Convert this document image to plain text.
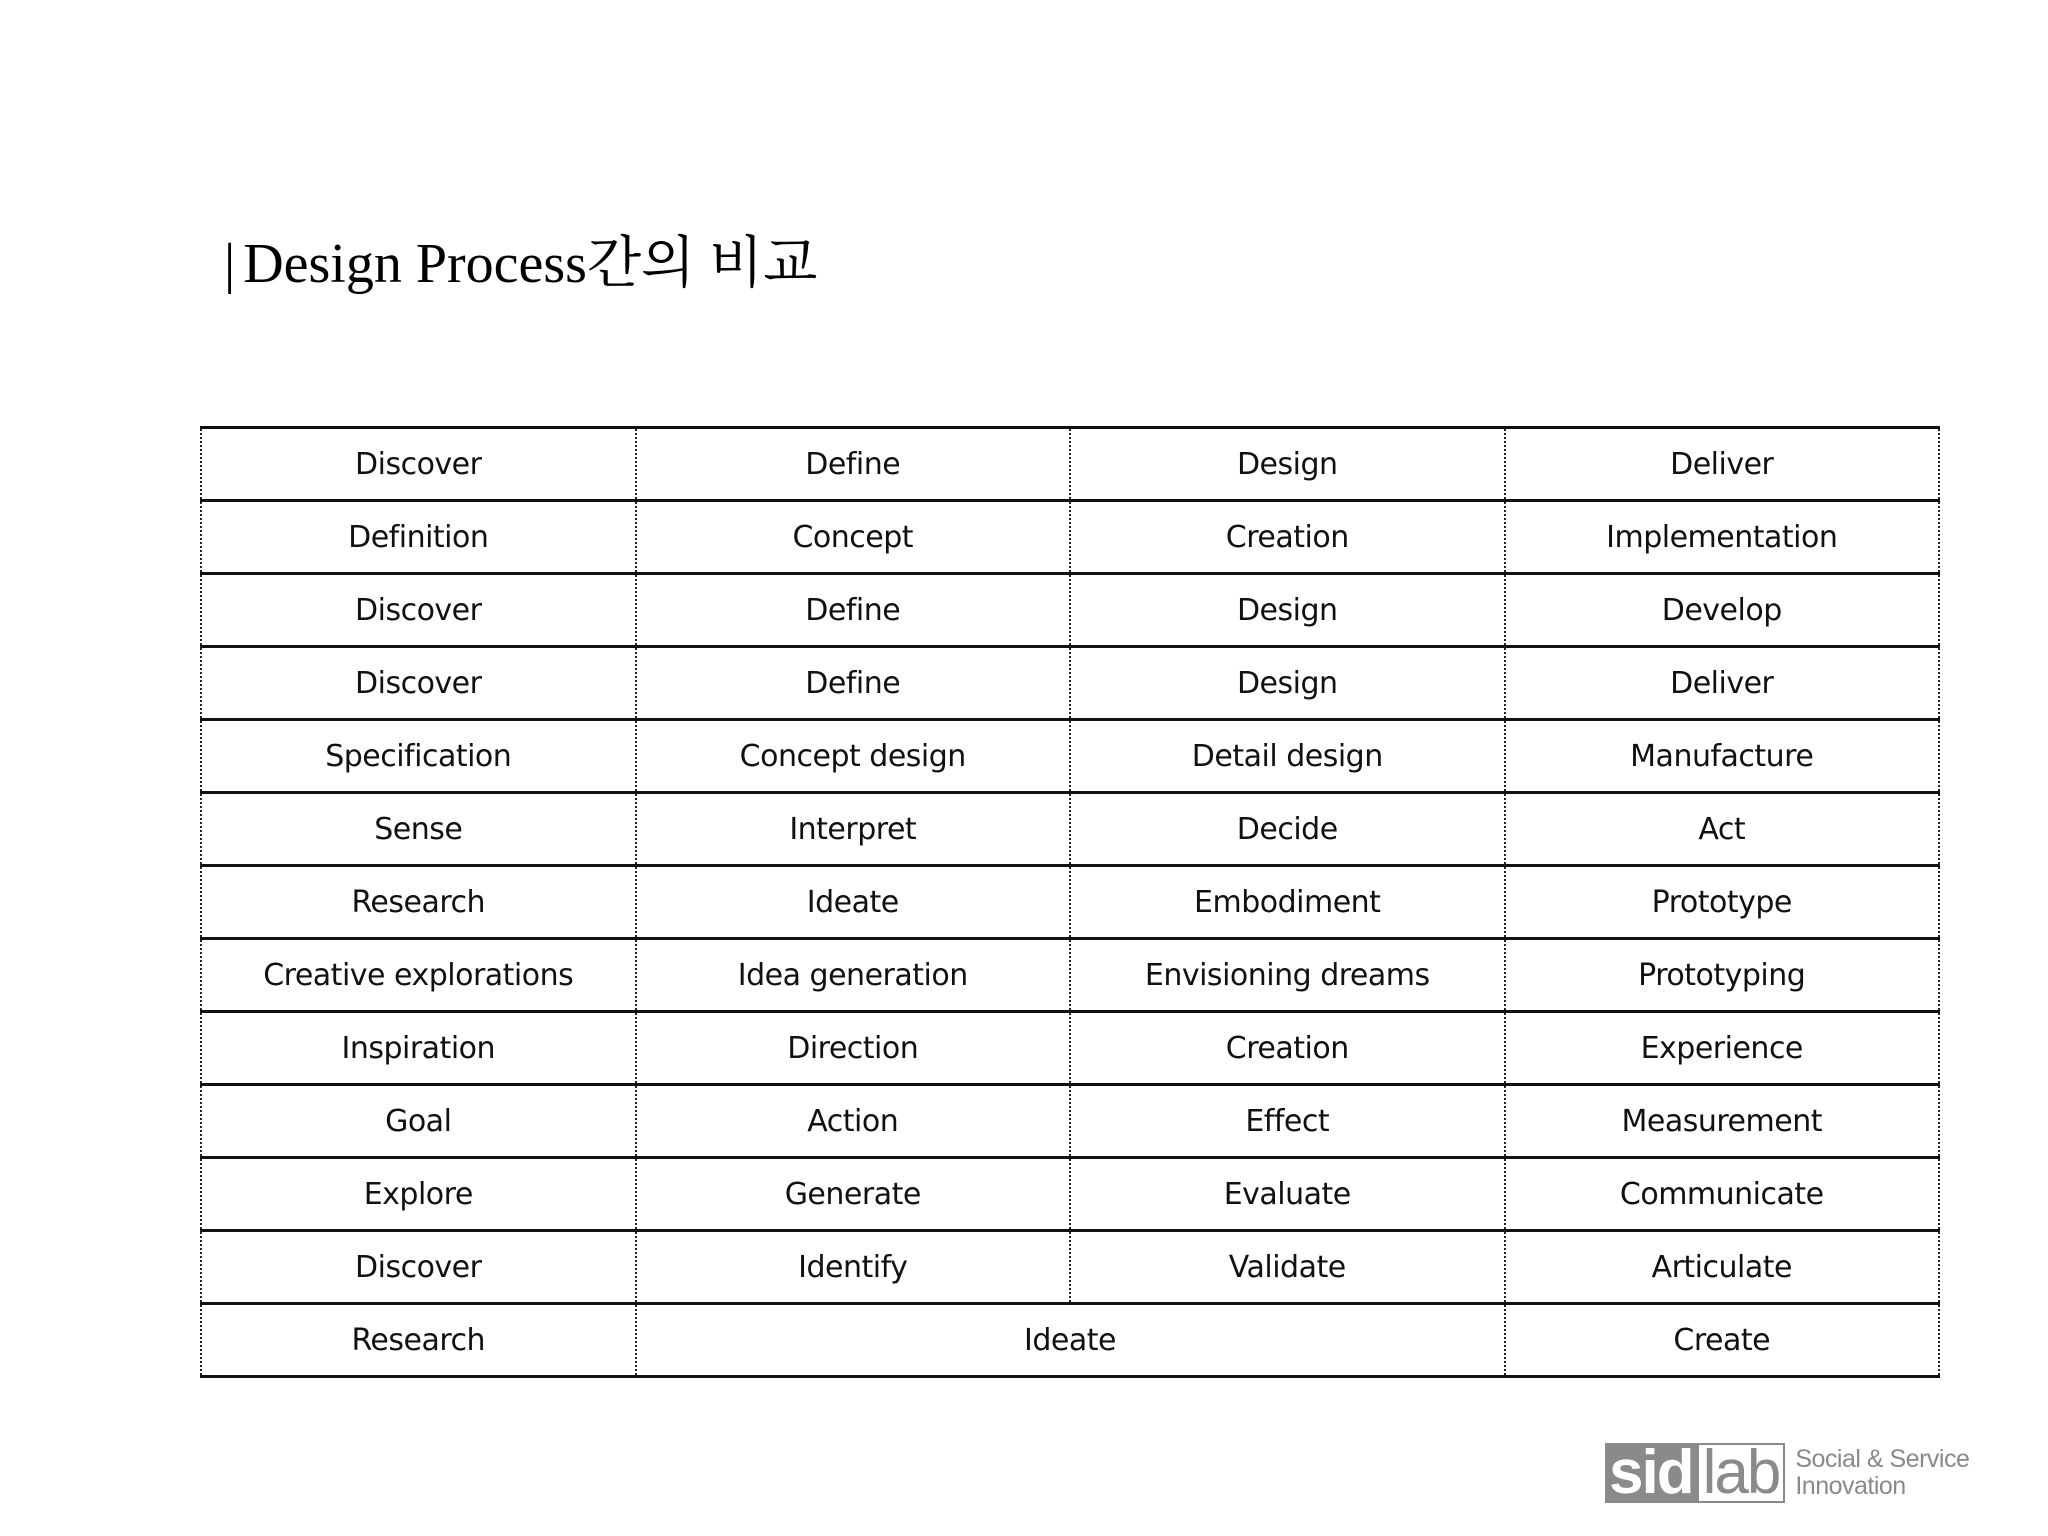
| Design Process간의 비교
Discover	Define	Design	Deliver
Definition	Concept	Creation	Implementation
Discover	Define	Design	Develop
Discover	Define	Design	Deliver
Specification	Concept design	Detail design	Manufacture
Sense	Interpret	Decide	Act
Research	Ideate	Embodiment	Prototype
Creative explorations	Idea generation	Envisioning dreams	Prototyping
Inspiration	Direction	Creation	Experience
Goal	Action	Effect	Measurement
Explore	Generate	Evaluate	Communicate
Discover	Identify	Validate	Articulate
Research	Ideate		Create
sid lab Social & Service
Innovation
